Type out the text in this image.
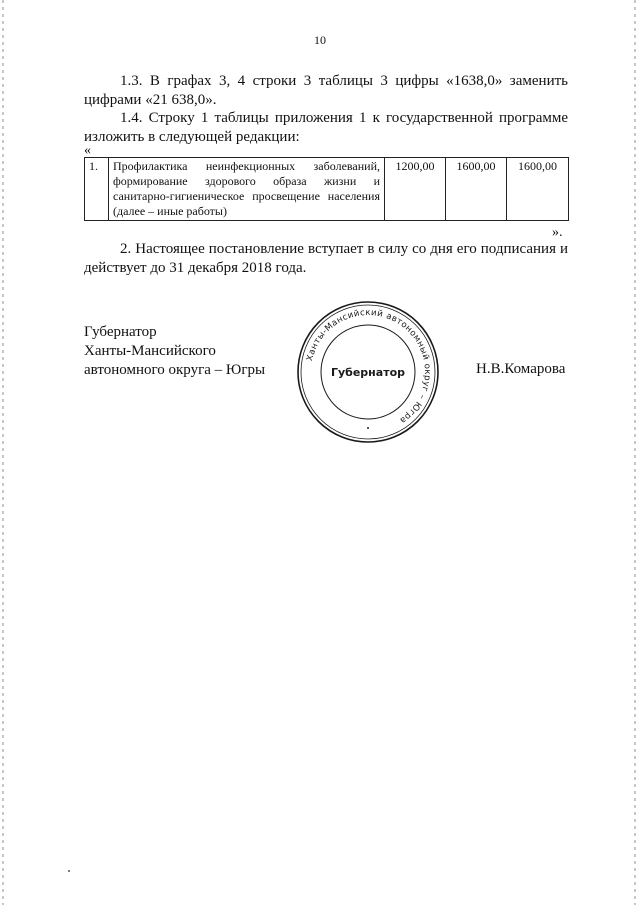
10
1.3. В графах 3, 4 строки 3 таблицы 3 цифры «1638,0» заменить
цифрами «21 638,0».
1.4. Строку 1 таблицы приложения 1 к государственной программе
изложить в следующей редакции:
«
1.	Профилактика неинфекционных заболеваний, формирование здорового образа жизни и санитарно-гигиеническое просвещение населения (далее – иные работы)	1200,00	1600,00	1600,00
».
2. Настоящее постановление вступает в силу со дня его подписания и
действует до 31 декабря 2018 года.
Губернатор
Ханты-Мансийского
автономного округа – Югры
Ханты-Мансийский автономный округ – Югра
Губернатор
•
Н.В.Комарова
